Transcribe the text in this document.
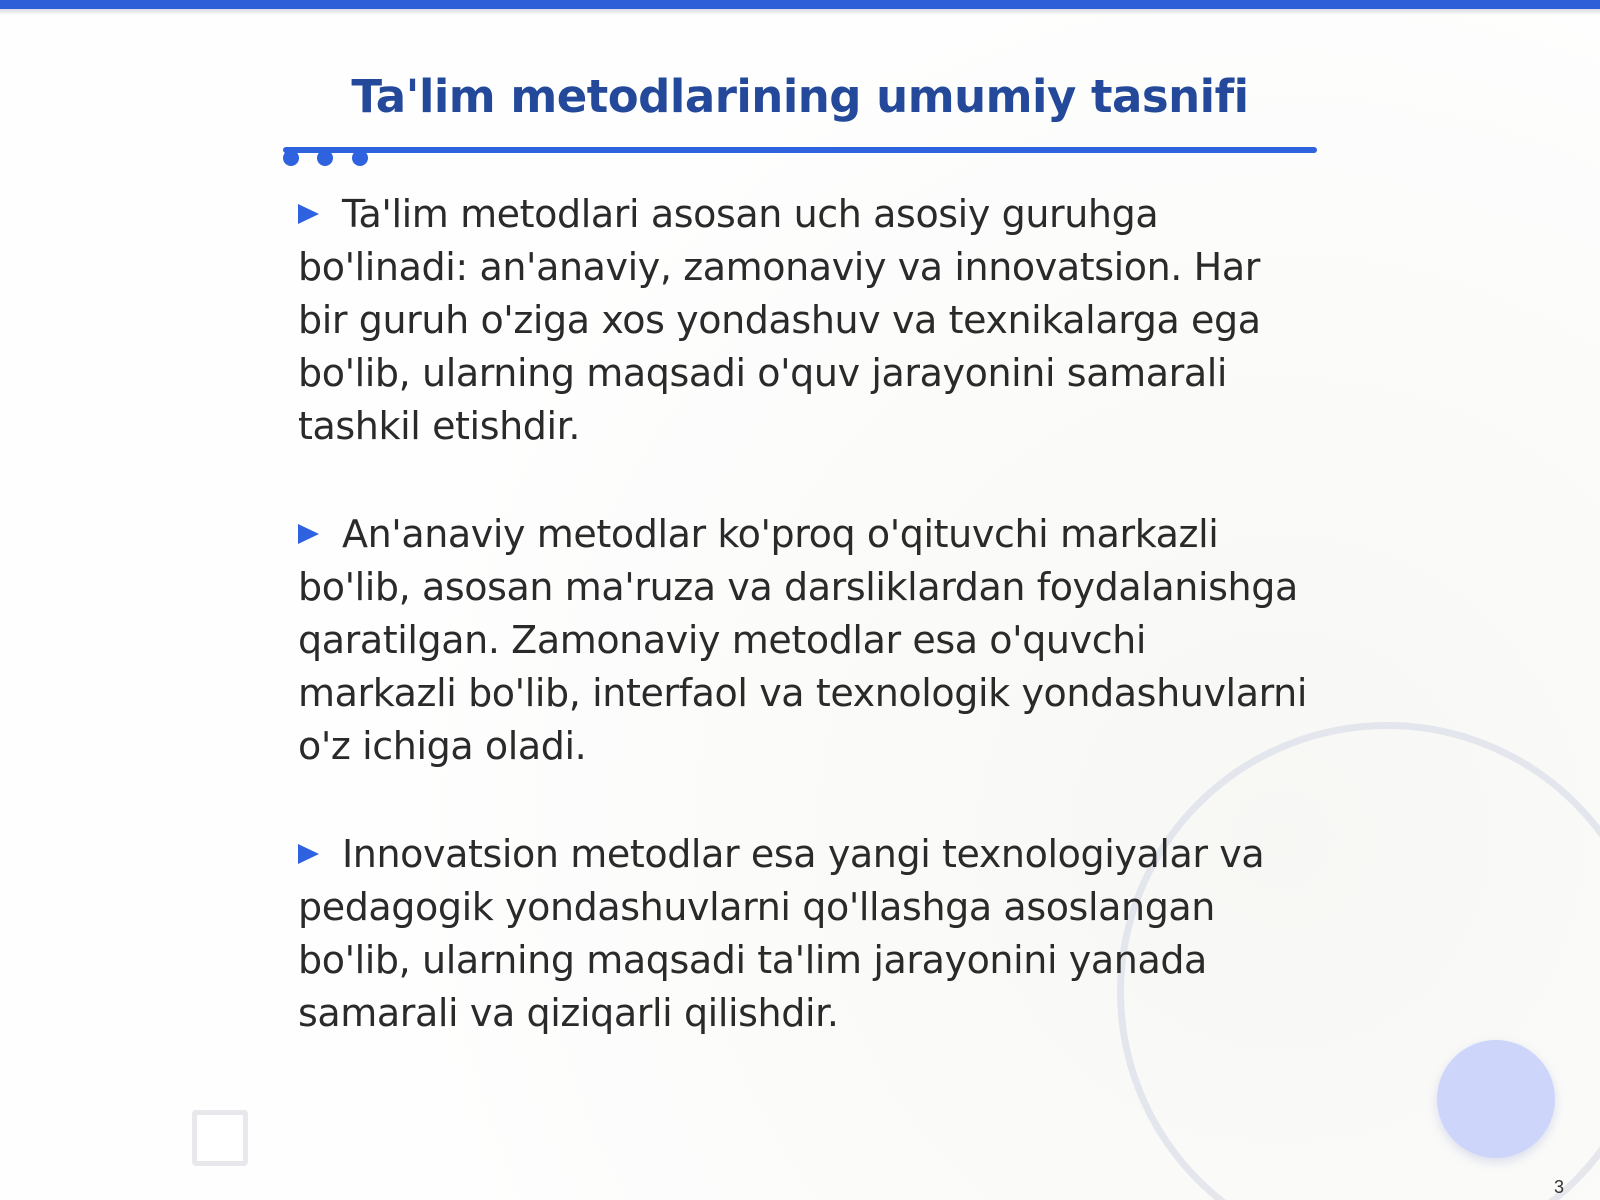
Ta'lim metodlarining umumiy tasnifi

Ta'lim metodlari asosan uch asosiy guruhga bo'linadi: an'anaviy, zamonaviy va innovatsion. Har bir guruh o'ziga xos yondashuv va texnikalarga ega bo'lib, ularning maqsadi o'quv jarayonini samarali tashkil etishdir.

An'anaviy metodlar ko'proq o'qituvchi markazli bo'lib, asosan ma'ruza va darsliklardan foydalanishga qaratilgan. Zamonaviy metodlar esa o'quvchi markazli bo'lib, interfaol va texnologik yondashuvlarni o'z ichiga oladi.

Innovatsion metodlar esa yangi texnologiyalar va pedagogik yondashuvlarni qo'llashga asoslangan bo'lib, ularning maqsadi ta'lim jarayonini yanada samarali va qiziqarli qilishdir.

3
